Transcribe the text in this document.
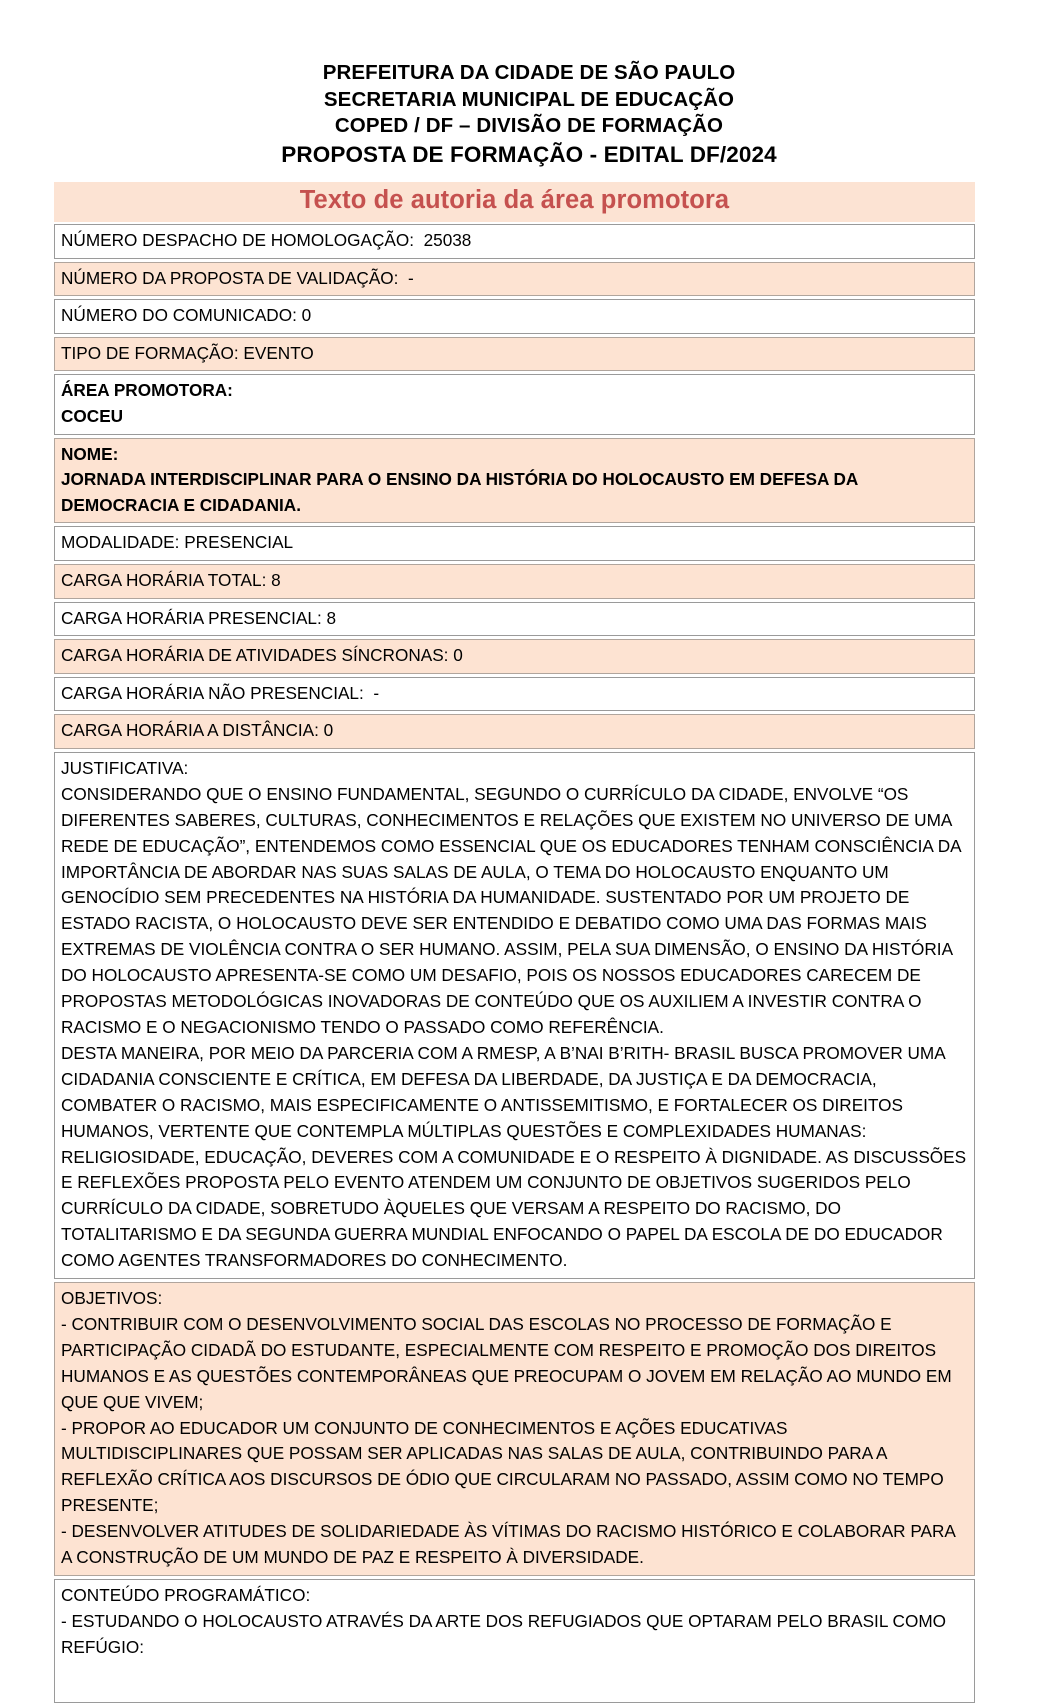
PREFEITURA DA CIDADE DE SÃO PAULO
SECRETARIA MUNICIPAL DE EDUCAÇÃO
COPED / DF – DIVISÃO DE FORMAÇÃO
PROPOSTA DE FORMAÇÃO - EDITAL DF/2024
Texto de autoria da área promotora
NÚMERO DESPACHO DE HOMOLOGAÇÃO:  25038
NÚMERO DA PROPOSTA DE VALIDAÇÃO:  -
NÚMERO DO COMUNICADO: 0
TIPO DE FORMAÇÃO: EVENTO
ÁREA PROMOTORA:
COCEU
NOME:
JORNADA INTERDISCIPLINAR PARA O ENSINO DA HISTÓRIA DO HOLOCAUSTO EM DEFESA DA DEMOCRACIA E CIDADANIA.
MODALIDADE: PRESENCIAL
CARGA HORÁRIA TOTAL: 8
CARGA HORÁRIA PRESENCIAL: 8
CARGA HORÁRIA DE ATIVIDADES SÍNCRONAS: 0
CARGA HORÁRIA NÃO PRESENCIAL:  -
CARGA HORÁRIA A DISTÂNCIA: 0
JUSTIFICATIVA:
CONSIDERANDO QUE O ENSINO FUNDAMENTAL, SEGUNDO O CURRÍCULO DA CIDADE, ENVOLVE “OS DIFERENTES SABERES, CULTURAS, CONHECIMENTOS E RELAÇÕES QUE EXISTEM NO UNIVERSO DE UMA REDE DE EDUCAÇÃO”, ENTENDEMOS COMO ESSENCIAL QUE OS EDUCADORES TENHAM CONSCIÊNCIA DA IMPORTÂNCIA DE ABORDAR NAS SUAS SALAS DE AULA, O TEMA DO HOLOCAUSTO ENQUANTO UM GENOCÍDIO SEM PRECEDENTES NA HISTÓRIA DA HUMANIDADE. SUSTENTADO POR UM PROJETO DE ESTADO RACISTA, O HOLOCAUSTO DEVE SER ENTENDIDO E DEBATIDO COMO UMA DAS FORMAS MAIS EXTREMAS DE VIOLÊNCIA CONTRA O SER HUMANO. ASSIM, PELA SUA DIMENSÃO, O ENSINO DA HISTÓRIA DO HOLOCAUSTO APRESENTA-SE COMO UM DESAFIO, POIS OS NOSSOS EDUCADORES CARECEM DE PROPOSTAS METODOLÓGICAS INOVADORAS DE CONTEÚDO QUE OS AUXILIEM A INVESTIR CONTRA O RACISMO E O NEGACIONISMO TENDO O PASSADO COMO REFERÊNCIA.
DESTA MANEIRA, POR MEIO DA PARCERIA COM A RMESP, A B’NAI B’RITH- BRASIL BUSCA PROMOVER UMA CIDADANIA CONSCIENTE E CRÍTICA, EM DEFESA DA LIBERDADE, DA JUSTIÇA E DA DEMOCRACIA, COMBATER O RACISMO, MAIS ESPECIFICAMENTE O ANTISSEMITISMO, E FORTALECER OS DIREITOS HUMANOS, VERTENTE QUE CONTEMPLA MÚLTIPLAS QUESTÕES E COMPLEXIDADES HUMANAS: RELIGIOSIDADE, EDUCAÇÃO, DEVERES COM A COMUNIDADE E O RESPEITO À DIGNIDADE. AS DISCUSSÕES E REFLEXÕES PROPOSTA PELO EVENTO ATENDEM UM CONJUNTO DE OBJETIVOS SUGERIDOS PELO CURRÍCULO DA CIDADE, SOBRETUDO ÀQUELES QUE VERSAM A RESPEITO DO RACISMO, DO TOTALITARISMO E DA SEGUNDA GUERRA MUNDIAL ENFOCANDO O PAPEL DA ESCOLA DE DO EDUCADOR COMO AGENTES TRANSFORMADORES DO CONHECIMENTO.
OBJETIVOS:
- CONTRIBUIR COM O DESENVOLVIMENTO SOCIAL DAS ESCOLAS NO PROCESSO DE FORMAÇÃO E PARTICIPAÇÃO CIDADÃ DO ESTUDANTE, ESPECIALMENTE COM RESPEITO E PROMOÇÃO DOS DIREITOS HUMANOS E AS QUESTÕES CONTEMPORÂNEAS QUE PREOCUPAM O JOVEM EM RELAÇÃO AO MUNDO EM QUE QUE VIVEM;
- PROPOR AO EDUCADOR UM CONJUNTO DE CONHECIMENTOS E AÇÕES EDUCATIVAS MULTIDISCIPLINARES QUE POSSAM SER APLICADAS NAS SALAS DE AULA, CONTRIBUINDO PARA A REFLEXÃO CRÍTICA AOS DISCURSOS DE ÓDIO QUE CIRCULARAM NO PASSADO, ASSIM COMO NO TEMPO PRESENTE;
- DESENVOLVER ATITUDES DE SOLIDARIEDADE ÀS VÍTIMAS DO RACISMO HISTÓRICO E COLABORAR PARA A CONSTRUÇÃO DE UM MUNDO DE PAZ E RESPEITO À DIVERSIDADE.
CONTEÚDO PROGRAMÁTICO:
- ESTUDANDO O HOLOCAUSTO ATRAVÉS DA ARTE DOS REFUGIADOS QUE OPTARAM PELO BRASIL COMO REFÚGIO:
